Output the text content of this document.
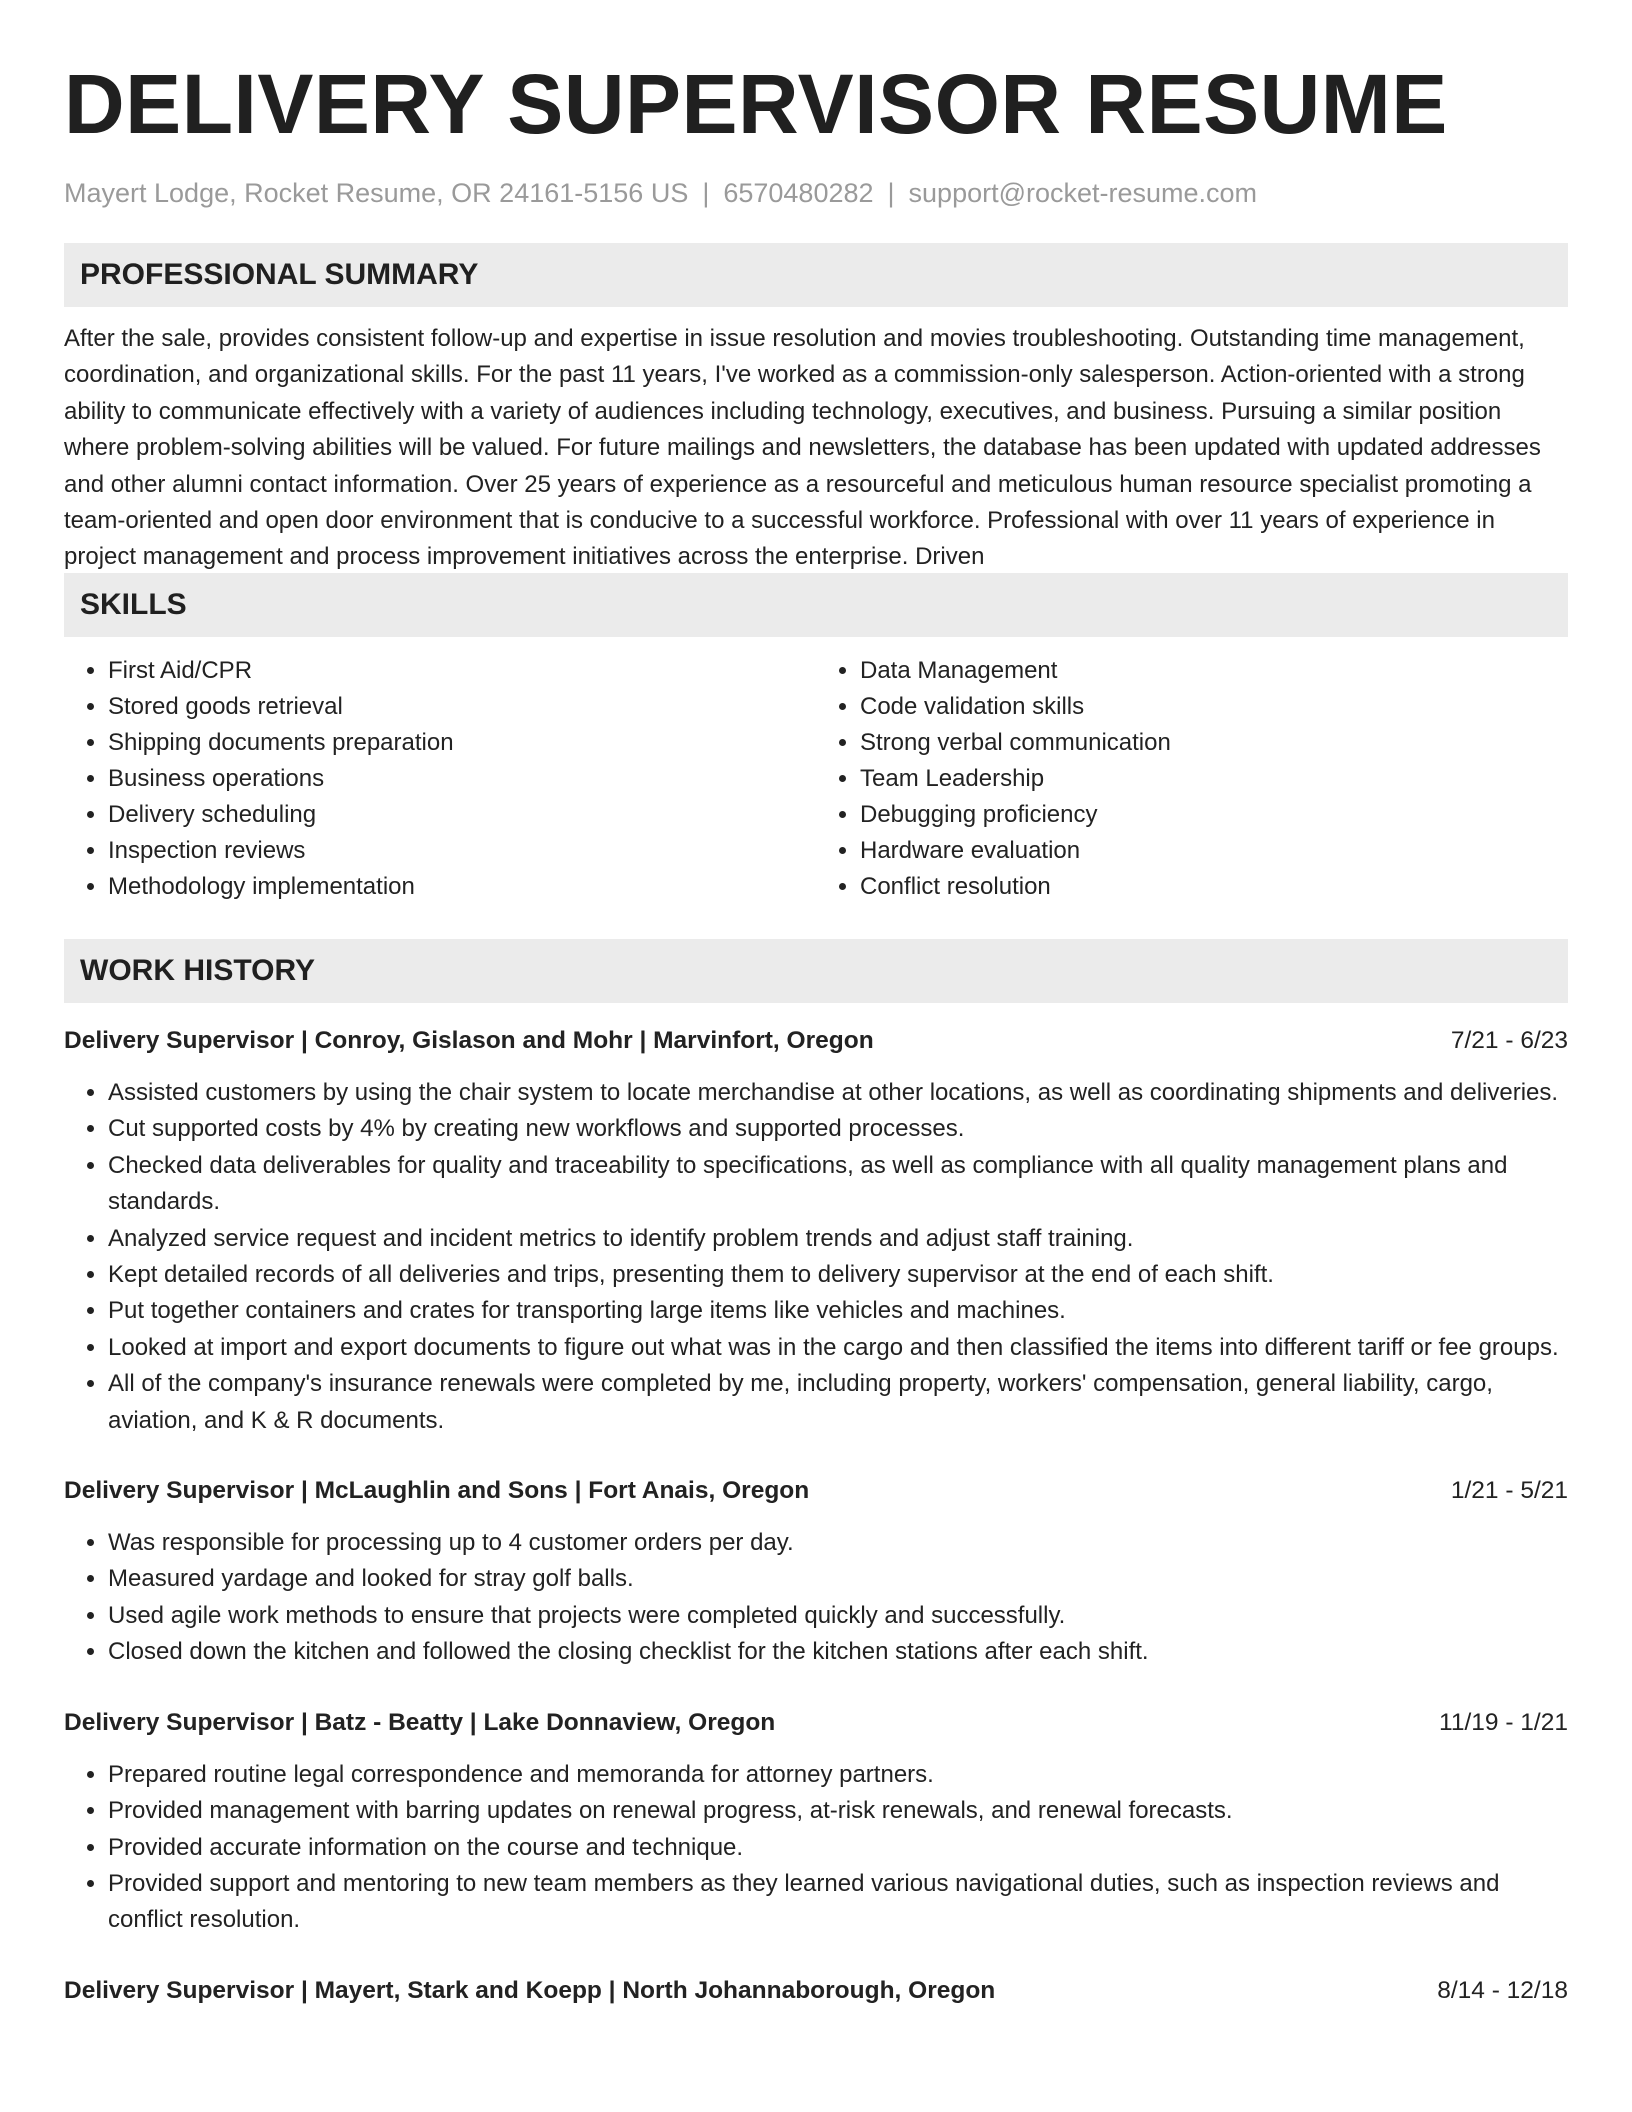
DELIVERY SUPERVISOR RESUME
Mayert Lodge, Rocket Resume, OR 24161-5156 US | 6570480282 | support@rocket-resume.com
PROFESSIONAL SUMMARY

After the sale, provides consistent follow-up and expertise in issue resolution and movies troubleshooting. Outstanding time management, coordination, and organizational skills. For the past 11 years, I've worked as a commission-only salesperson. Action-oriented with a strong ability to communicate effectively with a variety of audiences including technology, executives, and business. Pursuing a similar position where problem-solving abilities will be valued. For future mailings and newsletters, the database has been updated with updated addresses and other alumni contact information. Over 25 years of experience as a resourceful and meticulous human resource specialist promoting a team-oriented and open door environment that is conducive to a successful workforce. Professional with over 11 years of experience in project management and process improvement initiatives across the enterprise. Driven

SKILLS
• First Aid/CPR
• Stored goods retrieval
• Shipping documents preparation
• Business operations
• Delivery scheduling
• Inspection reviews
• Methodology implementation
• Data Management
• Code validation skills
• Strong verbal communication
• Team Leadership
• Debugging proficiency
• Hardware evaluation
• Conflict resolution
WORK HISTORY
Delivery Supervisor | Conroy, Gislason and Mohr | Marvinfort, Oregon	7/21 - 6/23
• Assisted customers by using the chair system to locate merchandise at other locations, as well as coordinating shipments and deliveries.
• Cut supported costs by 4% by creating new workflows and supported processes.
• Checked data deliverables for quality and traceability to specifications, as well as compliance with all quality management plans and standards.
• Analyzed service request and incident metrics to identify problem trends and adjust staff training.
• Kept detailed records of all deliveries and trips, presenting them to delivery supervisor at the end of each shift.
• Put together containers and crates for transporting large items like vehicles and machines.
• Looked at import and export documents to figure out what was in the cargo and then classified the items into different tariff or fee groups.
• All of the company's insurance renewals were completed by me, including property, workers' compensation, general liability, cargo, aviation, and K & R documents.
Delivery Supervisor | McLaughlin and Sons | Fort Anais, Oregon	1/21 - 5/21
• Was responsible for processing up to 4 customer orders per day.
• Measured yardage and looked for stray golf balls.
• Used agile work methods to ensure that projects were completed quickly and successfully.
• Closed down the kitchen and followed the closing checklist for the kitchen stations after each shift.
Delivery Supervisor | Batz - Beatty | Lake Donnaview, Oregon	11/19 - 1/21
• Prepared routine legal correspondence and memoranda for attorney partners.
• Provided management with barring updates on renewal progress, at-risk renewals, and renewal forecasts.
• Provided accurate information on the course and technique.
• Provided support and mentoring to new team members as they learned various navigational duties, such as inspection reviews and conflict resolution.
Delivery Supervisor | Mayert, Stark and Koepp | North Johannaborough, Oregon	8/14 - 12/18
